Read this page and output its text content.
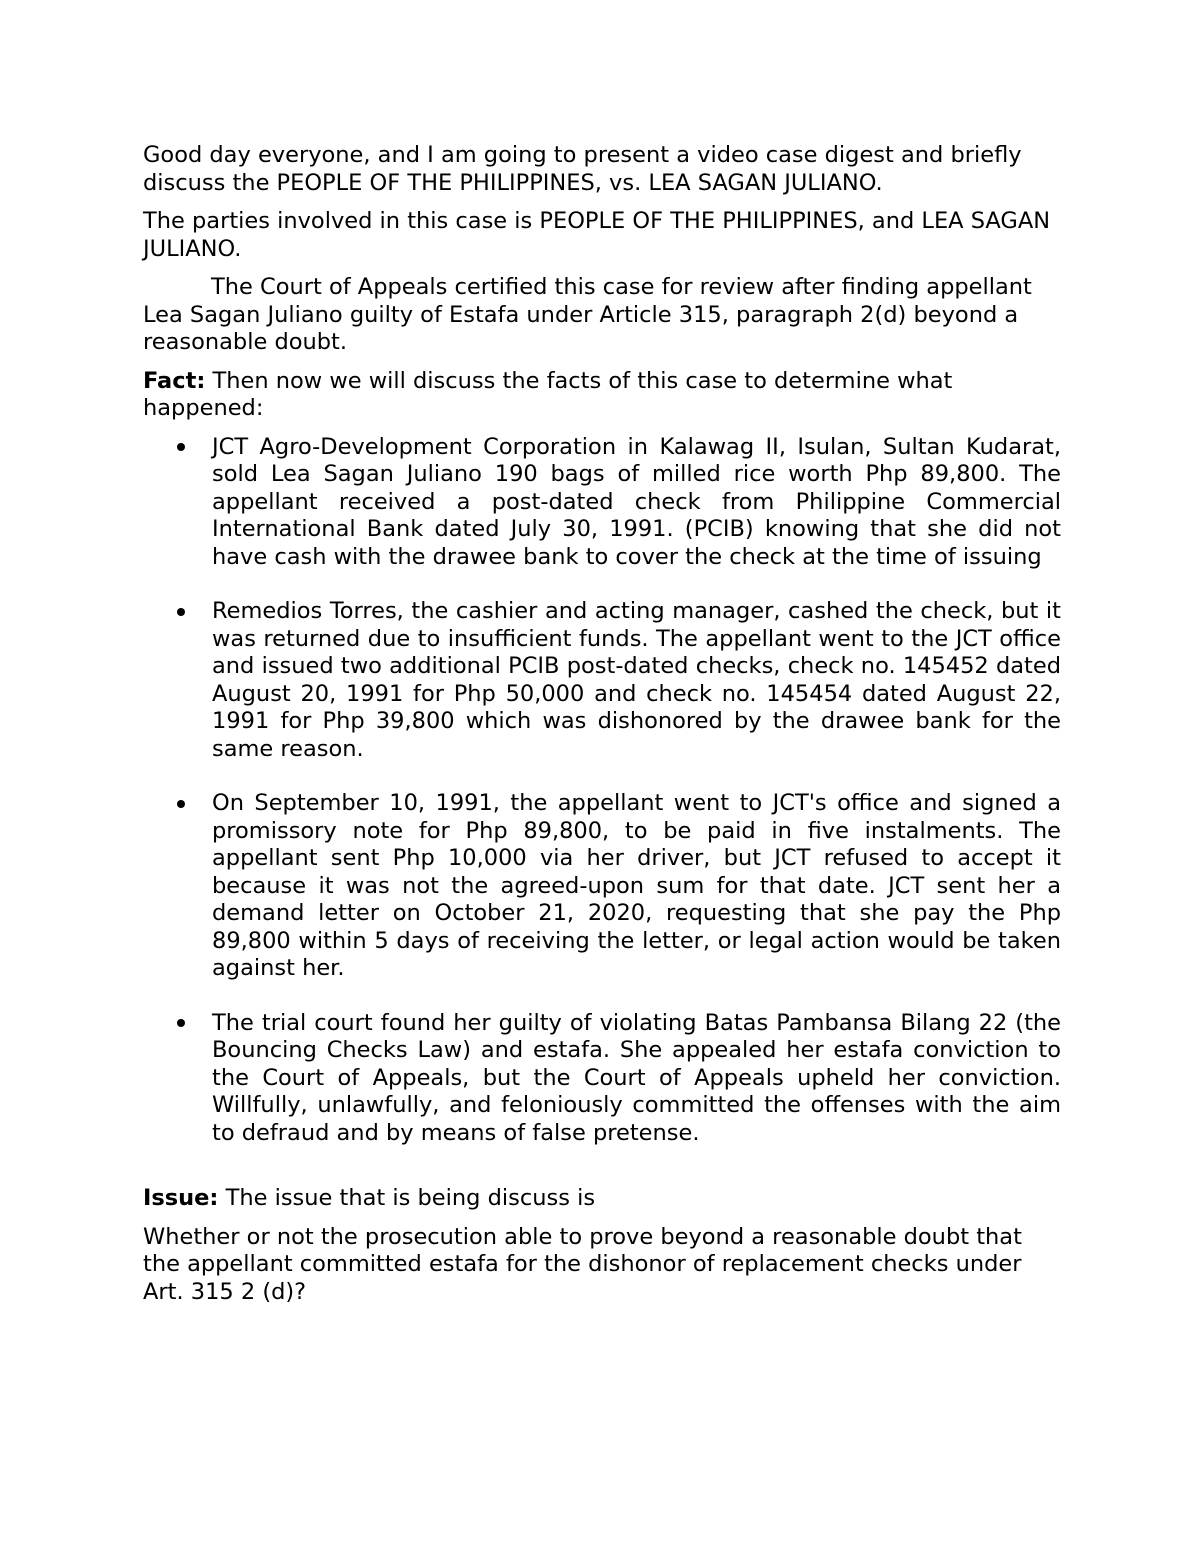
Good day everyone, and I am going to present a video case digest and briefly discuss the PEOPLE OF THE PHILIPPINES, vs. LEA SAGAN JULIANO.

The parties involved in this case is PEOPLE OF THE PHILIPPINES, and LEA SAGAN JULIANO.

The Court of Appeals certified this case for review after finding appellant Lea Sagan Juliano guilty of Estafa under Article 315, paragraph 2(d) beyond a reasonable doubt.

Fact: Then now we will discuss the facts of this case to determine what happened:

JCT Agro-Development Corporation in Kalawag II, Isulan, Sultan Kudarat, sold Lea Sagan Juliano 190 bags of milled rice worth Php 89,800. The appellant received a post-dated check from Philippine Commercial International Bank dated July 30, 1991. (PCIB) knowing that she did not have cash with the drawee bank to cover the check at the time of issuing
Remedios Torres, the cashier and acting manager, cashed the check, but it was returned due to insufficient funds. The appellant went to the JCT office and issued two additional PCIB post-dated checks, check no. 145452 dated August 20, 1991 for Php 50,000 and check no. 145454 dated August 22, 1991 for Php 39,800 which was dishonored by the drawee bank for the same reason.
On September 10, 1991, the appellant went to JCT's office and signed a promissory note for Php 89,800, to be paid in five instalments. The appellant sent Php 10,000 via her driver, but JCT refused to accept it because it was not the agreed-upon sum for that date. JCT sent her a demand letter on October 21, 2020, requesting that she pay the Php 89,800 within 5 days of receiving the letter, or legal action would be taken against her.
The trial court found her guilty of violating Batas Pambansa Bilang 22 (the Bouncing Checks Law) and estafa. She appealed her estafa conviction to the Court of Appeals, but the Court of Appeals upheld her conviction. Willfully, unlawfully, and feloniously committed the offenses with the aim to defraud and by means of false pretense.

Issue: The issue that is being discuss is

Whether or not the prosecution able to prove beyond a reasonable doubt that the appellant committed estafa for the dishonor of replacement checks under Art. 315 2 (d)?
